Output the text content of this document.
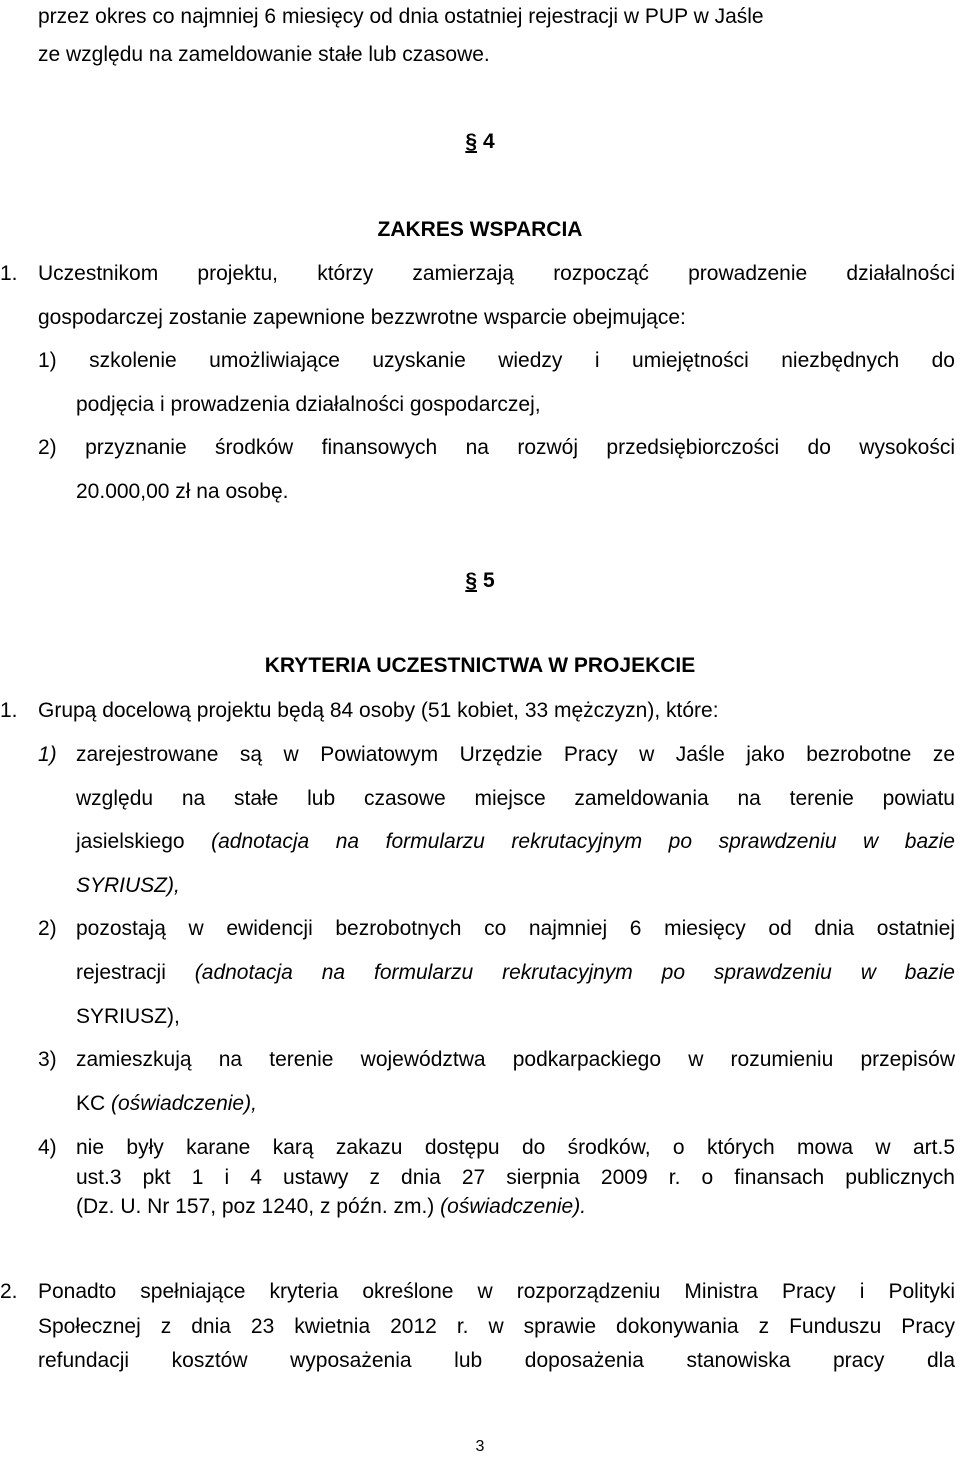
przez okres co najmniej 6 miesięcy od dnia ostatniej rejestracji w PUP w Jaśle
ze względu na zameldowanie stałe lub czasowe.
§ 4
ZAKRES WSPARCIA
1. Uczestnikom projektu, którzy zamierzają rozpocząć prowadzenie działalności
gospodarczej zostanie zapewnione bezzwrotne wsparcie obejmujące:
1) szkolenie umożliwiające uzyskanie wiedzy i umiejętności niezbędnych do
podjęcia i prowadzenia działalności gospodarczej,
2) przyznanie środków finansowych na rozwój przedsiębiorczości do wysokości
20.000,00 zł na osobę.
§ 5
KRYTERIA UCZESTNICTWA W PROJEKCIE
1. Grupą docelową projektu będą 84 osoby (51 kobiet, 33 mężczyzn), które:
1) zarejestrowane są w Powiatowym Urzędzie Pracy w Jaśle jako bezrobotne ze
względu na stałe lub czasowe miejsce zameldowania na terenie powiatu
jasielskiego (adnotacja na formularzu rekrutacyjnym po sprawdzeniu w bazie
SYRIUSZ),
2) pozostają w ewidencji bezrobotnych co najmniej 6 miesięcy od dnia ostatniej
rejestracji (adnotacja na formularzu rekrutacyjnym po sprawdzeniu w bazie
SYRIUSZ),
3) zamieszkują na terenie województwa podkarpackiego w rozumieniu przepisów
KC (oświadczenie),
4) nie były karane karą zakazu dostępu do środków, o których mowa w art.5
ust.3 pkt 1 i 4 ustawy z dnia 27 sierpnia 2009 r. o finansach publicznych
(Dz. U. Nr 157, poz 1240, z późn. zm.) (oświadczenie).
2. Ponadto spełniające kryteria określone w rozporządzeniu Ministra Pracy i Polityki
Społecznej z dnia 23 kwietnia 2012 r. w sprawie dokonywania z Funduszu Pracy
refundacji kosztów wyposażenia lub doposażenia stanowiska pracy dla
3
